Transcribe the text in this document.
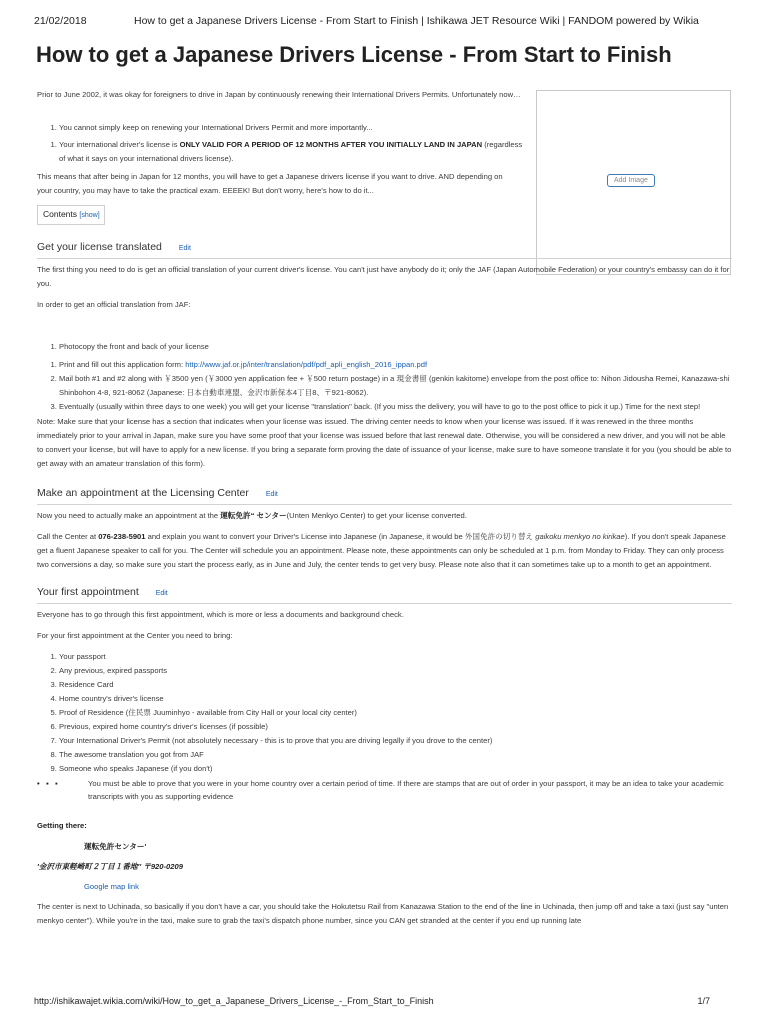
21/02/2018	How to get a Japanese Drivers License - From Start to Finish | Ishikawa JET Resource Wiki | FANDOM powered by Wikia
How to get a Japanese Drivers License - From Start to Finish
Add Image

Prior to June 2002, it was okay for foreigners to drive in Japan by continuously renewing their International Drivers Permits. Unfortunately now…

1. You cannot simply keep on renewing your International Drivers Permit and more importantly...
1. Your international driver's license is ONLY VALID FOR A PERIOD OF 12 MONTHS AFTER YOU INITIALLY LAND IN JAPAN (regardless of what it says on your international drivers license).

This means that after being in Japan for 12 months, you will have to get a Japanese drivers license if you want to drive. AND depending on your country, you may have to take the practical exam. EEEEK! But don't worry, here's how to do it...

Contents [show]
Get your license translated Edit

The first thing you need to do is get an official translation of your current driver's license. You can't just have anybody do it; only the JAF (Japan Automobile Federation) or your country's embassy can do it for you.

In order to get an official translation from JAF:

1. Photocopy the front and back of your license
1. Print and fill out this application form: http://www.jaf.or.jp/inter/translation/pdf/pdf_apli_english_2016_ippan.pdf
2. Mail both #1 and #2 along with ￥3500 yen (￥3000 yen application fee + ￥500 return postage) in a 現金書留 (genkin kakitome) envelope from the post office to: Nihon Jidousha Remei, Kanazawa-shi Shinbohon 4-8, 921-8062 (Japanese: 日本自動車連盟、金沢市新保本4丁目8、〒921-8062).
3. Eventually (usually within three days to one week) you will get your license "translation" back. (If you miss the delivery, you will have to go to the post office to pick it up.) Time for the next step!

Note: Make sure that your license has a section that indicates when your license was issued. The driving center needs to know when your license was issued. If it was renewed in the three months immediately prior to your arrival in Japan, make sure you have some proof that your license was issued before that last renewal date. Otherwise, you will be considered a new driver, and you will not be able to convert your license, but will have to apply for a new license. If you bring a separate form proving the date of issuance of your license, make sure to have someone translate it for you (you should be able to get away with an amateur translation of this form).

Make an appointment at the Licensing Center Edit

Now you need to actually make an appointment at the 運転免許“ センター(Unten Menkyo Center) to get your license converted.

Call the Center at 076-238-5901 and explain you want to convert your Driver's License into Japanese (in Japanese, it would be 外国免許の切り替え gaikoku menkyo no kirikae). If you don't speak Japanese get a fluent Japanese speaker to call for you. The Center will schedule you an appointment. Please note, these appointments can only be scheduled at 1 p.m. from Monday to Friday. They can only process two conversions a day, so make sure you start the process early, as in June and July, the center tends to get very busy. Please note also that it can sometimes take up to a month to get an appointment.

Your first appointment Edit

Everyone has to go through this first appointment, which is more or less a documents and background check.

For your first appointment at the Center you need to bring:

1. Your passport
2. Any previous, expired passports
3. Residence Card
4. Home country's driver's license
5. Proof of Residence (住民票 Juuminhyo - available from City Hall or your local city center)
6. Previous, expired home country's driver's licenses (if possible)
7. Your International Driver's Permit (not absolutely necessary - this is to prove that you are driving legally if you drove to the center)
8. The awesome translation you got from JAF
9. Someone who speaks Japanese (if you don't)
•   ▪   ▪	You must be able to prove that you were in your home country over a certain period of time. If there are stamps that are out of order in your passport, it may be an idea to take your academic transcripts with you as supporting evidence

Getting there:

運転免許センター'

'金沢市東軽崎町２丁目１番地'' 〒920-0209

Google map link

The center is next to Uchinada, so basically if you don't have a car, you should take the Hokutetsu Rail from Kanazawa Station to the end of the line in Uchinada, then jump off and take a taxi (just say "unten menkyo center"). While you're in the taxi, make sure to grab the taxi's dispatch phone number, since you CAN get stranded at the center if you end up running late

http://ishikawajet.wikia.com/wiki/How_to_get_a_Japanese_Drivers_License_-_From_Start_to_Finish	1/7
